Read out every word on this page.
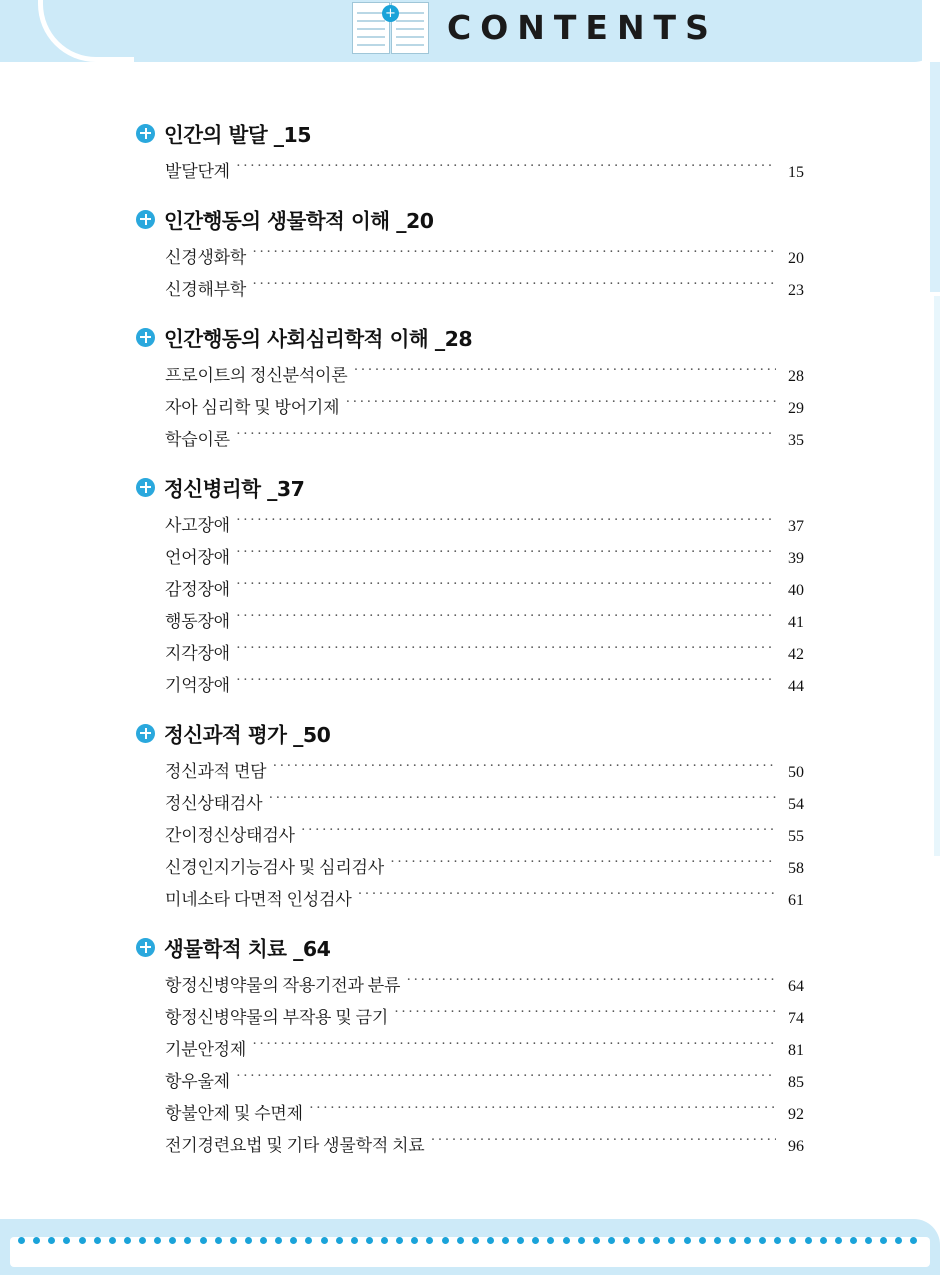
+ CONTENTS
인간의 발달 _15
발달단계 ·····	15
인간행동의 생물학적 이해 _20
신경생화학 ·····	20
신경해부학 ·····	23
인간행동의 사회심리학적 이해 _28
프로이트의 정신분석이론 ·····	28
자아 심리학 및 방어기제 ·····	29
학습이론 ·····	35
정신병리학 _37
사고장애 ·····	37
언어장애 ·····	39
감정장애 ·····	40
행동장애 ·····	41
지각장애 ·····	42
기억장애 ·····	44
정신과적 평가 _50
정신과적 면담 ·····	50
정신상태검사 ·····	54
간이정신상태검사 ·····	55
신경인지기능검사 및 심리검사 ·····	58
미네소타 다면적 인성검사 ·····	61
생물학적 치료 _64
항정신병약물의 작용기전과 분류 ·····	64
항정신병약물의 부작용 및 금기 ·····	74
기분안정제 ·····	81
항우울제 ·····	85
항불안제 및 수면제 ·····	92
전기경련요법 및 기타 생물학적 치료 ·····	96
